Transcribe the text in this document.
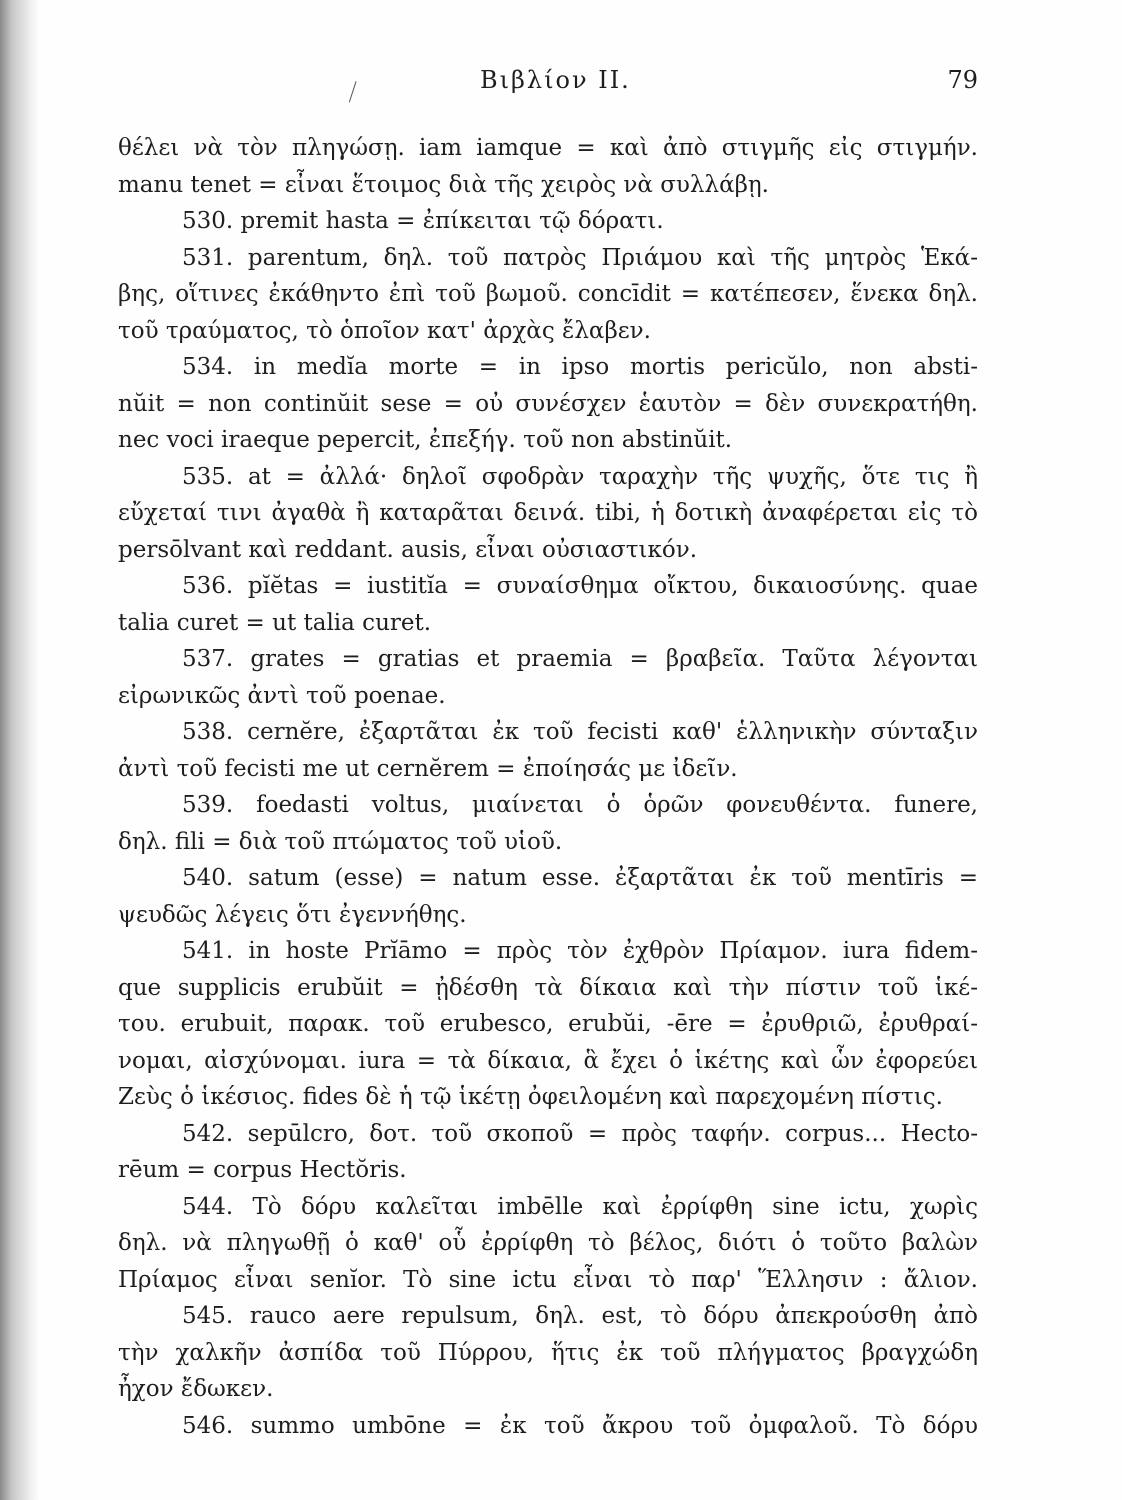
Βιβλίον II.	79
θέλει νὰ τὸν πληγώσῃ. iam iamque = καὶ ἀπὸ στιγμῆς εἰς στιγμήν.
manu tenet = εἶναι ἕτοιμος διὰ τῆς χειρὸς νὰ συλλάβῃ.
530. premit hasta = ἐπίκειται τῷ δόρατι.
531. parentum, δηλ. τοῦ πατρὸς Πριάμου καὶ τῆς μητρὸς Ἑκά-
βης, οἵτινες ἐκάθηντο ἐπὶ τοῦ βωμοῦ. concīdit = κατέπεσεν, ἕνεκα δηλ.
τοῦ τραύματος, τὸ ὁποῖον κατ' ἀρχὰς ἔλαβεν.
534. in medĭa morte = in ipso mortis pericŭlo, non absti-
nŭit = non continŭit sese = οὐ συνέσχεν ἑαυτὸν = δὲν συνεκρατήθη.
nec voci iraeque pepercit, ἐπεξήγ. τοῦ non abstinŭit.
535. at = ἀλλά· δηλοῖ σφοδρὰν ταραχὴν τῆς ψυχῆς, ὅτε τις ἢ
εὔχεταί τινι ἀγαθὰ ἢ καταρᾶται δεινά. tibi, ἡ δοτικὴ ἀναφέρεται εἰς τὸ
persōlvant καὶ reddant. ausis, εἶναι οὐσιαστικόν.
536. pĭĕtas = iustitĭa = συναίσθημα οἴκτου, δικαιοσύνης. quae
talia curet = ut talia curet.
537. grates = gratias et praemia = βραβεῖα. Ταῦτα λέγονται
εἰρωνικῶς ἀντὶ τοῦ poenae.
538. cernĕre, ἐξαρτᾶται ἐκ τοῦ fecisti καθ' ἑλληνικὴν σύνταξιν
ἀντὶ τοῦ fecisti me ut cernĕrem = ἐποίησάς με ἰδεῖν.
539. foedasti voltus, μιαίνεται ὁ ὁρῶν φονευθέντα. funere,
δηλ. fili = διὰ τοῦ πτώματος τοῦ υἱοῦ.
540. satum (esse) = natum esse. ἐξαρτᾶται ἐκ τοῦ mentīris =
ψευδῶς λέγεις ὅτι ἐγεννήθης.
541. in hoste Prĭāmo = πρὸς τὸν ἐχθρὸν Πρίαμον. iura fidem-
que supplicis erubŭit = ᾐδέσθη τὰ δίκαια καὶ τὴν πίστιν τοῦ ἱκέ-
του. erubuit, παρακ. τοῦ erubesco, erubŭi, -ēre = ἐρυθριῶ, ἐρυθραί-
νομαι, αἰσχύνομαι. iura = τὰ δίκαια, ἃ ἔχει ὁ ἱκέτης καὶ ὧν ἐφορεύει
Ζεὺς ὁ ἱκέσιος. fides δὲ ἡ τῷ ἱκέτῃ ὀφειλομένη καὶ παρεχομένη πίστις.
542. sepūlcro, δοτ. τοῦ σκοποῦ = πρὸς ταφήν. corpus... Hecto-
rēum = corpus Hectŏris.
544. Τὸ δόρυ καλεῖται imbēlle καὶ ἐρρίφθη sine ictu, χωρὶς
δηλ. νὰ πληγωθῇ ὁ καθ' οὗ ἐρρίφθη τὸ βέλος, διότι ὁ τοῦτο βαλὼν
Πρίαμος εἶναι senĭor. Τὸ sine ictu εἶναι τὸ παρ' Ἕλλησιν : ἄλιον.
545. rauco aere repulsum, δηλ. est, τὸ δόρυ ἀπεκρούσθη ἀπὸ
τὴν χαλκῆν ἀσπίδα τοῦ Πύρρου, ἥτις ἐκ τοῦ πλήγματος βραγχώδη
ἦχον ἔδωκεν.
546. summo umbōne = ἐκ τοῦ ἄκρου τοῦ ὀμφαλοῦ. Τὸ δόρυ
